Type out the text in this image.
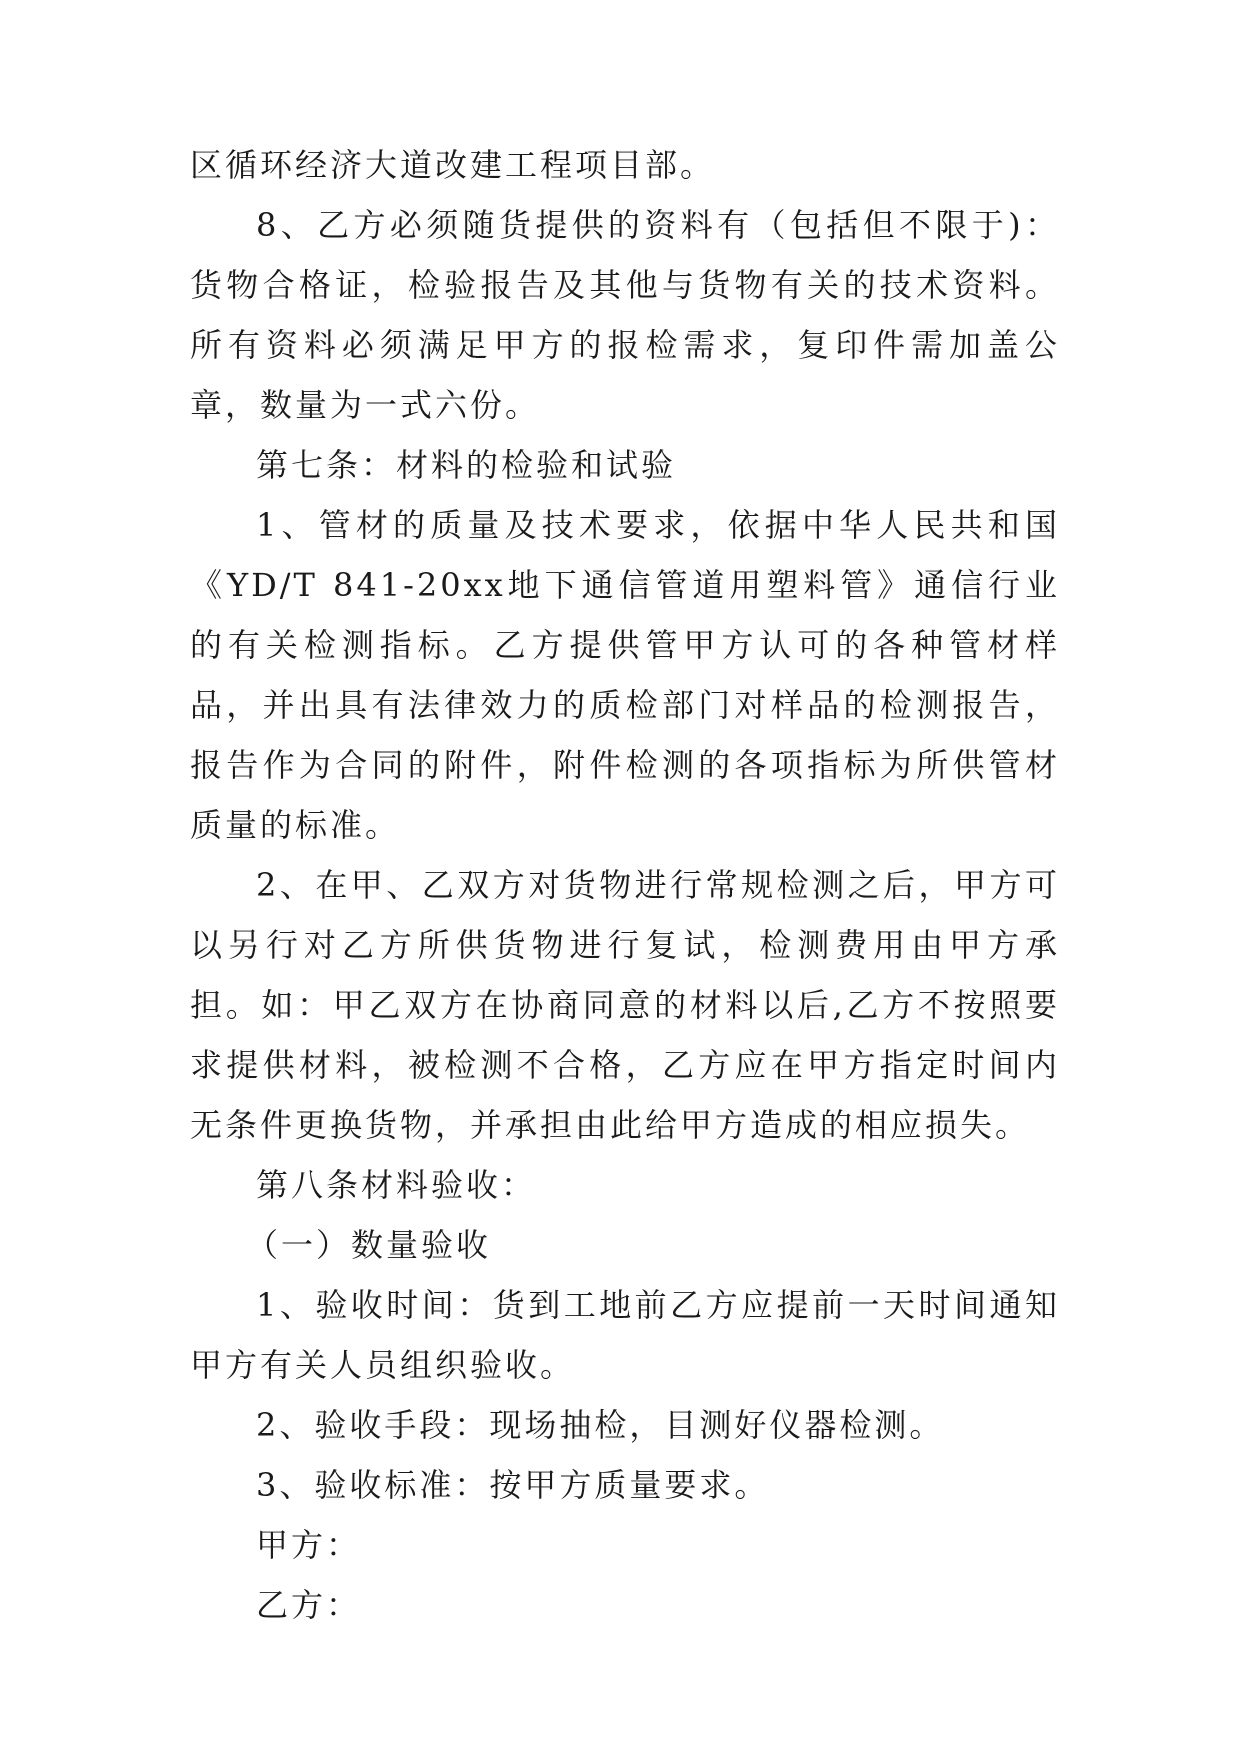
区循环经济大道改建工程项目部。

8、乙方必须随货提供的资料有（包括但不限于)：货物合格证，检验报告及其他与货物有关的技术资料。所有资料必须满足甲方的报检需求，复印件需加盖公章，数量为一式六份。

第七条：材料的检验和试验

1、管材的质量及技术要求，依据中华人民共和国《YD/T 841-20xx地下通信管道用塑料管》通信行业的有关检测指标。乙方提供管甲方认可的各种管材样品，并出具有法律效力的质检部门对样品的检测报告，报告作为合同的附件，附件检测的各项指标为所供管材质量的标准。

2、在甲、乙双方对货物进行常规检测之后，甲方可以另行对乙方所供货物进行复试，检测费用由甲方承担。如：甲乙双方在协商同意的材料以后,乙方不按照要求提供材料，被检测不合格，乙方应在甲方指定时间内无条件更换货物，并承担由此给甲方造成的相应损失。

第八条材料验收：

（一）数量验收

1、验收时间：货到工地前乙方应提前一天时间通知甲方有关人员组织验收。

2、验收手段：现场抽检，目测好仪器检测。

3、验收标准：按甲方质量要求。

甲方：

乙方：
